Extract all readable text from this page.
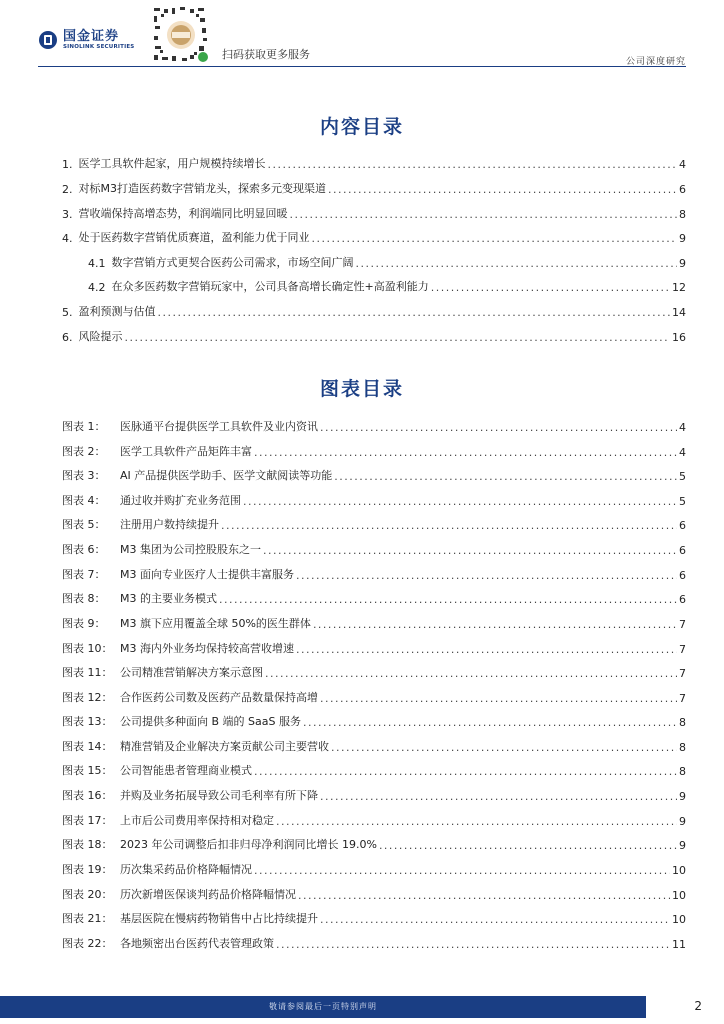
国金证券
SINOLINK SECURITIES
扫码获取更多服务
公司深度研究
内容目录
1. 医学工具软件起家，用户规模持续增长 .....	4
2. 对标M3打造医药数字营销龙头，探索多元变现渠道 .....	6
3. 营收端保持高增态势，利润端同比明显回暖 .....	8
4. 处于医药数字营销优质赛道，盈利能力优于同业 .....	9
4.1 数字营销方式更契合医药公司需求，市场空间广阔 .....	9
4.2 在众多医药数字营销玩家中，公司具备高增长确定性+高盈利能力 .....	12
5. 盈利预测与估值 .....	14
6. 风险提示 .....	16
图表目录
图表 1：	医脉通平台提供医学工具软件及业内资讯 .....	4
图表 2：	医学工具软件产品矩阵丰富 .....	4
图表 3：	AI 产品提供医学助手、医学文献阅读等功能 .....	5
图表 4：	通过收并购扩充业务范围 .....	5
图表 5：	注册用户数持续提升 .....	6
图表 6：	M3 集团为公司控股股东之一 .....	6
图表 7：	M3 面向专业医疗人士提供丰富服务 .....	6
图表 8：	M3 的主要业务模式 .....	6
图表 9：	M3 旗下应用覆盖全球 50%的医生群体 .....	7
图表 10： M3 海内外业务均保持较高营收增速 .....	7
图表 11： 公司精准营销解决方案示意图 .....	7
图表 12： 合作医药公司数及医药产品数量保持高增 .....	7
图表 13： 公司提供多种面向 B 端的 SaaS 服务 .....	8
图表 14： 精准营销及企业解决方案贡献公司主要营收 .....	8
图表 15： 公司智能患者管理商业模式 .....	8
图表 16： 并购及业务拓展导致公司毛利率有所下降 .....	9
图表 17： 上市后公司费用率保持相对稳定 .....	9
图表 18： 2023 年公司调整后扣非归母净利润同比增长 19.0% .....	9
图表 19： 历次集采药品价格降幅情况 .....	10
图表 20： 历次新增医保谈判药品价格降幅情况 .....	10
图表 21： 基层医院在慢病药物销售中占比持续提升 .....	10
图表 22： 各地频密出台医药代表管理政策 .....	11
敬请参阅最后一页特别声明	2
